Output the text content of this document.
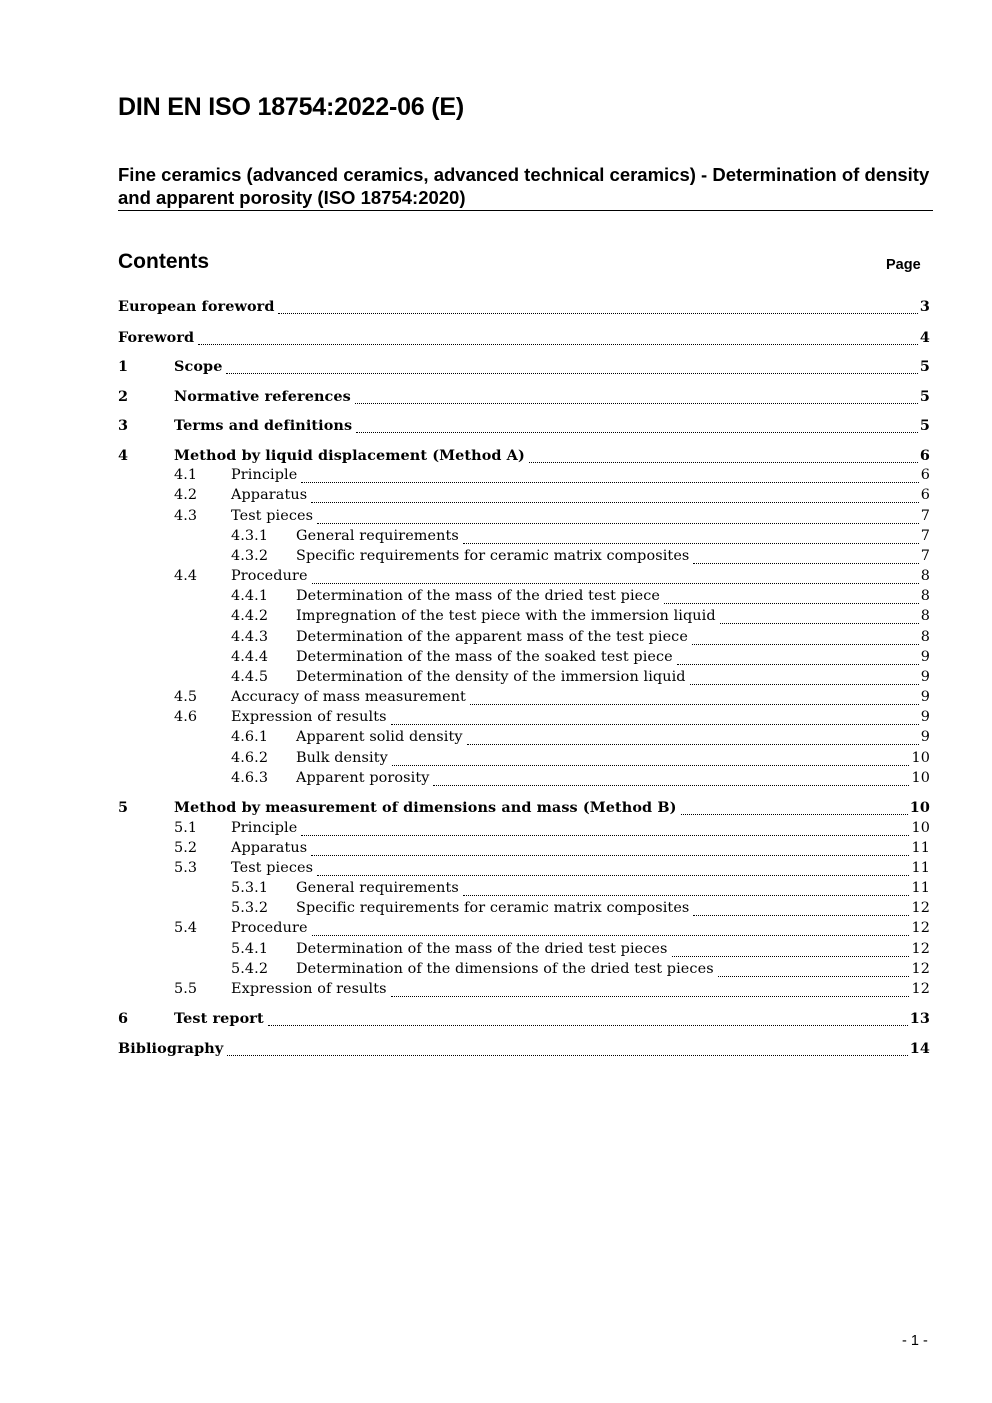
DIN EN ISO 18754:2022-06 (E)
Fine ceramics (advanced ceramics, advanced technical ceramics) - Determination of density and apparent porosity (ISO 18754:2020)
Contents	Page
European foreword	3
Foreword	4
1	Scope	5
2	Normative references	5
3	Terms and definitions	5
4	Method by liquid displacement (Method A)	6
4.1	Principle	6
4.2	Apparatus	6
4.3	Test pieces	7
4.3.1	General requirements	7
4.3.2	Specific requirements for ceramic matrix composites	7
4.4	Procedure	8
4.4.1	Determination of the mass of the dried test piece	8
4.4.2	Impregnation of the test piece with the immersion liquid	8
4.4.3	Determination of the apparent mass of the test piece	8
4.4.4	Determination of the mass of the soaked test piece	9
4.4.5	Determination of the density of the immersion liquid	9
4.5	Accuracy of mass measurement	9
4.6	Expression of results	9
4.6.1	Apparent solid density	9
4.6.2	Bulk density	10
4.6.3	Apparent porosity	10
5	Method by measurement of dimensions and mass (Method B)	10
5.1	Principle	10
5.2	Apparatus	11
5.3	Test pieces	11
5.3.1	General requirements	11
5.3.2	Specific requirements for ceramic matrix composites	12
5.4	Procedure	12
5.4.1	Determination of the mass of the dried test pieces	12
5.4.2	Determination of the dimensions of the dried test pieces	12
5.5	Expression of results	12
6	Test report	13
Bibliography	14
- 1 -
